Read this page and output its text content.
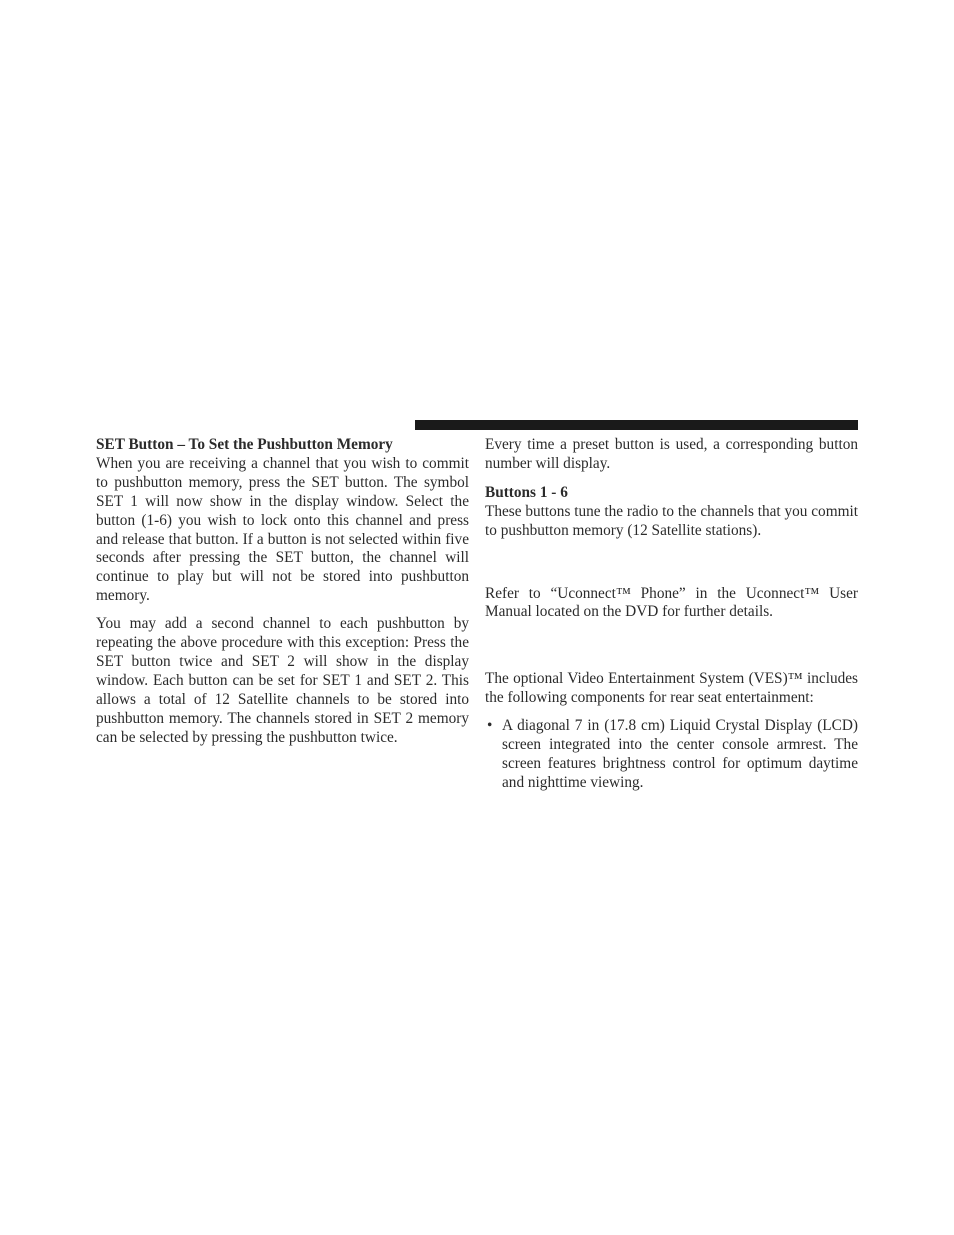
SET Button – To Set the Pushbutton Memory

When you are receiving a channel that you wish to commit to pushbutton memory, press the SET button. The symbol SET 1 will now show in the display window. Select the button (1-6) you wish to lock onto this channel and press and release that button. If a button is not selected within five seconds after pressing the SET button, the channel will continue to play but will not be stored into pushbutton memory.

You may add a second channel to each pushbutton by repeating the above procedure with this exception: Press the SET button twice and SET 2 will show in the display window. Each button can be set for SET 1 and SET 2. This allows a total of 12 Satellite channels to be stored into pushbutton memory. The channels stored in SET 2 memory can be selected by pressing the pushbutton twice.

Every time a preset button is used, a corresponding button number will display.

Buttons 1 - 6

These buttons tune the radio to the channels that you commit to pushbutton memory (12 Satellite stations).

Refer to “Uconnect™ Phone” in the Uconnect™ User Manual located on the DVD for further details.

The optional Video Entertainment System (VES)™ includes the following components for rear seat entertainment:

• A diagonal 7 in (17.8 cm) Liquid Crystal Display (LCD) screen integrated into the center console armrest. The screen features brightness control for optimum daytime and nighttime viewing.
